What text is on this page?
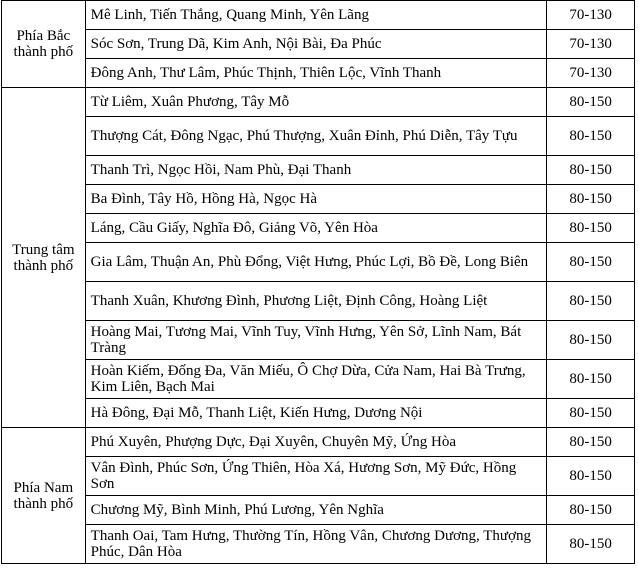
Phía Bắc
thành phố	Mê Linh, Tiến Thắng, Quang Minh, Yên Lãng	70-130
	Sóc Sơn, Trung Dã, Kim Anh, Nội Bài, Đa Phúc	70-130
	Đông Anh, Thư Lâm, Phúc Thịnh, Thiên Lộc, Vĩnh Thanh	70-130
Trung tâm
thành phố	Từ Liêm, Xuân Phương, Tây Mỗ	80-150
	Thượng Cát, Đông Ngạc, Phú Thượng, Xuân Đỉnh, Phú Diễn, Tây Tựu	80-150
	Thanh Trì, Ngọc Hồi, Nam Phù, Đại Thanh	80-150
	Ba Đình, Tây Hồ, Hồng Hà, Ngọc Hà	80-150
	Láng, Cầu Giấy, Nghĩa Đô, Giảng Võ, Yên Hòa	80-150
	Gia Lâm, Thuận An, Phù Đổng, Việt Hưng, Phúc Lợi, Bồ Đề, Long Biên	80-150
	Thanh Xuân, Khương Đình, Phương Liệt, Định Công, Hoàng Liệt	80-150
	Hoàng Mai, Tương Mai, Vĩnh Tuy, Vĩnh Hưng, Yên Sở, Lĩnh Nam, Bát Tràng	80-150
	Hoàn Kiếm, Đống Đa, Văn Miếu, Ô Chợ Dừa, Cửa Nam, Hai Bà Trưng, Kim Liên, Bạch Mai	80-150
	Hà Đông, Đại Mỗ, Thanh Liệt, Kiến Hưng, Dương Nội	80-150
Phía Nam
thành phố	Phú Xuyên, Phượng Dực, Đại Xuyên, Chuyên Mỹ, Ứng Hòa	80-150
	Vân Đình, Phúc Sơn, Ứng Thiên, Hòa Xá, Hương Sơn, Mỹ Đức, Hồng Sơn	80-150
	Chương Mỹ, Bình Minh, Phú Lương, Yên Nghĩa	80-150
	Thanh Oai, Tam Hưng, Thường Tín, Hồng Vân, Chương Dương, Thượng Phúc, Dân Hòa	80-150
